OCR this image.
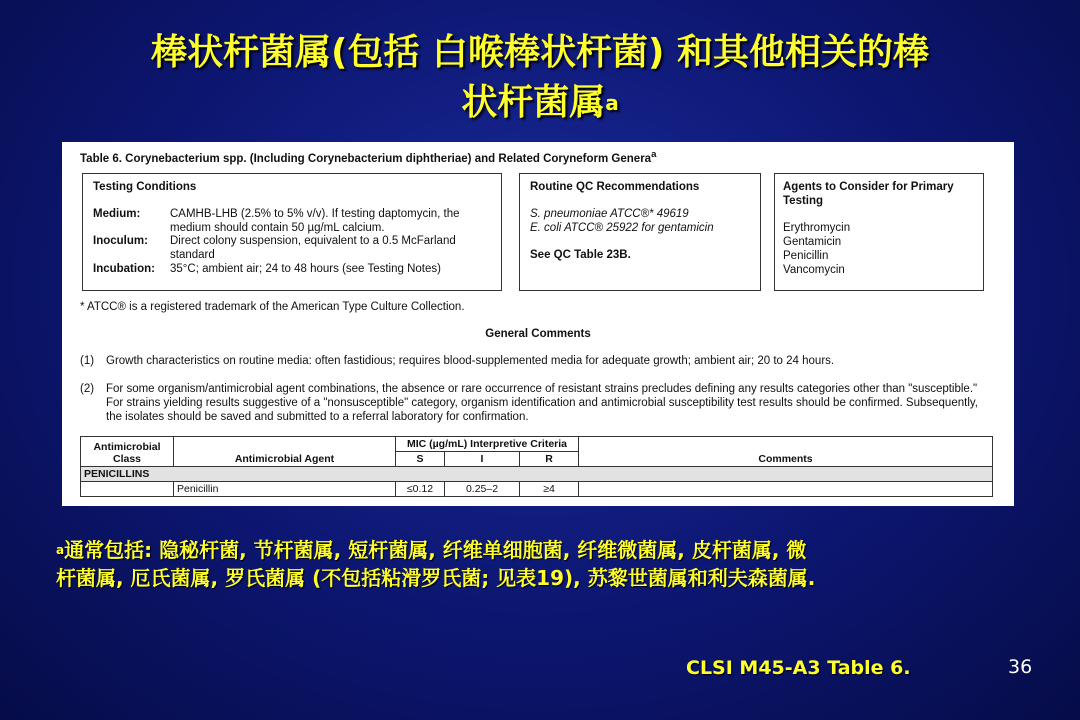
棒状杆菌属(包括 白喉棒状杆菌) 和其他相关的棒
状杆菌属$^a$
Table 6. Corynebacterium spp. (Including Corynebacterium diphtheriae) and Related Coryneform Genera$^a$
Testing Conditions
Medium:	CAMHB-LHB (2.5% to 5% v/v). If testing daptomycin, the medium should contain 50 µg/mL calcium.
Inoculum: Direct colony suspension, equivalent to a 0.5 McFarland standard
Incubation: 35°C; ambient air; 24 to 48 hours (see Testing Notes)
Routine QC Recommendations
S. pneumoniae ATCC®* 49619
E. coli ATCC® 25922 for gentamicin
See QC Table 23B.
Agents to Consider for Primary Testing
Erythromycin
Gentamicin
Penicillin
Vancomycin
* ATCC® is a registered trademark of the American Type Culture Collection.
General Comments
(1) Growth characteristics on routine media: often fastidious; requires blood-supplemented media for adequate growth; ambient air; 20 to 24 hours.
(2) For some organism/antimicrobial agent combinations, the absence or rare occurrence of resistant strains precludes defining any results categories other than "susceptible." For strains yielding results suggestive of a "nonsusceptible" category, organism identification and antimicrobial susceptibility test results should be confirmed. Subsequently, the isolates should be saved and submitted to a referral laboratory for confirmation.
Antimicrobial Class	Antimicrobial Agent	MIC (µg/mL) Interpretive Criteria			Comments
		S	I	R	
PENICILLINS					
	Penicillin	≤0.12	0.25–2	≥4	
$^a$通常包括: 隐秘杆菌, 节杆菌属, 短杆菌属, 纤维单细胞菌, 纤维微菌属, 皮杆菌属, 微
杆菌属, 厄氏菌属, 罗氏菌属 (不包括粘滑罗氏菌; 见表19), 苏黎世菌属和利夫森菌属.
CLSI M45-A3 Table 6.	36
